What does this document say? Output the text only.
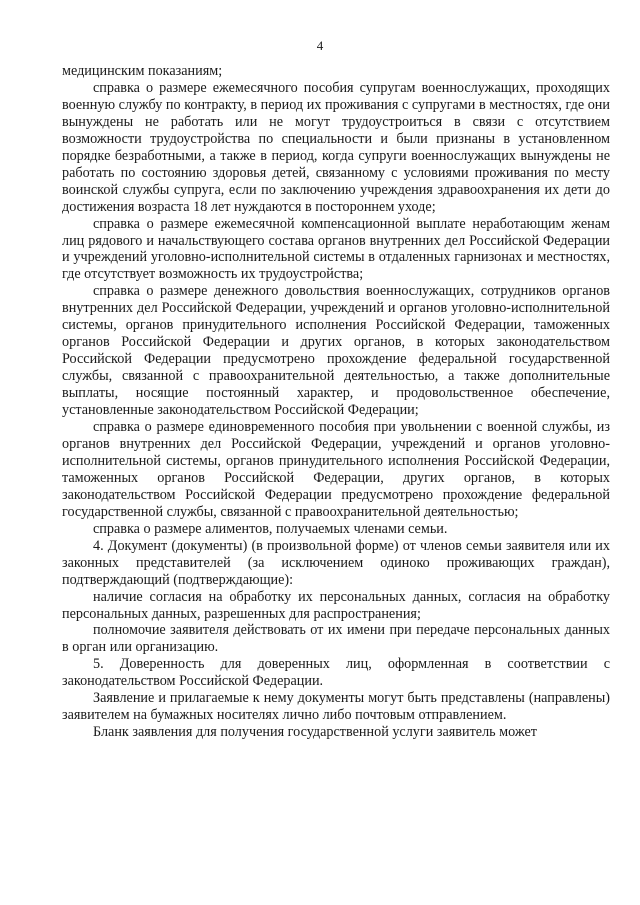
4

медицинским показаниям;

справка о размере ежемесячного пособия супругам военнослужащих, проходящих военную службу по контракту, в период их проживания с супругами в местностях, где они вынуждены не работать или не могут трудоустроиться в связи с отсутствием возможности трудоустройства по специальности и были признаны в установленном порядке безработными, а также в период, когда супруги военнослужащих вынуждены не работать по состоянию здоровья детей, связанному с условиями проживания по месту воинской службы супруга, если по заключению учреждения здравоохранения их дети до достижения возраста 18 лет нуждаются в постороннем уходе;

справка о размере ежемесячной компенсационной выплате неработающим женам лиц рядового и начальствующего состава органов внутренних дел Российской Федерации и учреждений уголовно-исполнительной системы в отдаленных гарнизонах и местностях, где отсутствует возможность их трудоустройства;

справка о размере денежного довольствия военнослужащих, сотрудников органов внутренних дел Российской Федерации, учреждений и органов уголовно-исполнительной системы, органов принудительного исполнения Российской Федерации, таможенных органов Российской Федерации и других органов, в которых законодательством Российской Федерации предусмотрено прохождение федеральной государственной службы, связанной с правоохранительной деятельностью, а также дополнительные выплаты, носящие постоянный характер, и продовольственное обеспечение, установленные законодательством Российской Федерации;

справка о размере единовременного пособия при увольнении с военной службы, из органов внутренних дел Российской Федерации, учреждений и органов уголовно-исполнительной системы, органов принудительного исполнения Российской Федерации, таможенных органов Российской Федерации, других органов, в которых законодательством Российской Федерации предусмотрено прохождение федеральной государственной службы, связанной с правоохранительной деятельностью;

справка о размере алиментов, получаемых членами семьи.

4. Документ (документы) (в произвольной форме) от членов семьи заявителя или их законных представителей (за исключением одиноко проживающих граждан), подтверждающий (подтверждающие):

наличие согласия на обработку их персональных данных, согласия на обработку персональных данных, разрешенных для распространения;

полномочие заявителя действовать от их имени при передаче персональных данных в орган или организацию.

5. Доверенность для доверенных лиц, оформленная в соответствии с законодательством Российской Федерации.

Заявление и прилагаемые к нему документы могут быть представлены (направлены) заявителем на бумажных носителях лично либо почтовым отправлением.

Бланк заявления для получения государственной услуги заявитель может
